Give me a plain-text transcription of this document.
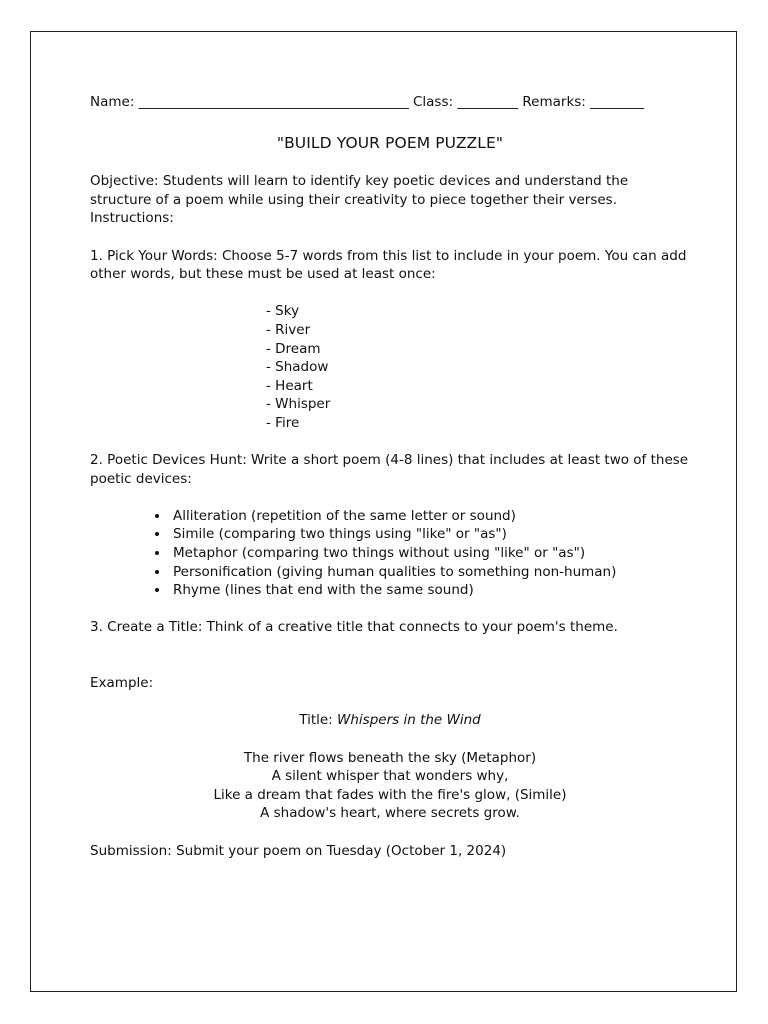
Name: ________________________________________ Class: _________ Remarks: ________
"BUILD YOUR POEM PUZZLE"

Objective: Students will learn to identify key poetic devices and understand the structure of a poem while using their creativity to piece together their verses.

Instructions:

1. Pick Your Words: Choose 5-7 words from this list to include in your poem. You can add other words, but these must be used at least once:

- Sky
- River
- Dream
- Shadow
- Heart
- Whisper
- Fire

2. Poetic Devices Hunt: Write a short poem (4-8 lines) that includes at least two of these poetic devices:

• Alliteration (repetition of the same letter or sound)
• Simile (comparing two things using "like" or "as")
• Metaphor (comparing two things without using "like" or "as")
• Personification (giving human qualities to something non-human)
• Rhyme (lines that end with the same sound)

3. Create a Title: Think of a creative title that connects to your poem's theme.

Example:

Title: Whispers in the Wind

The river flows beneath the sky (Metaphor)
A silent whisper that wonders why,
Like a dream that fades with the fire's glow, (Simile)
A shadow's heart, where secrets grow.

Submission: Submit your poem on Tuesday (October 1, 2024)
